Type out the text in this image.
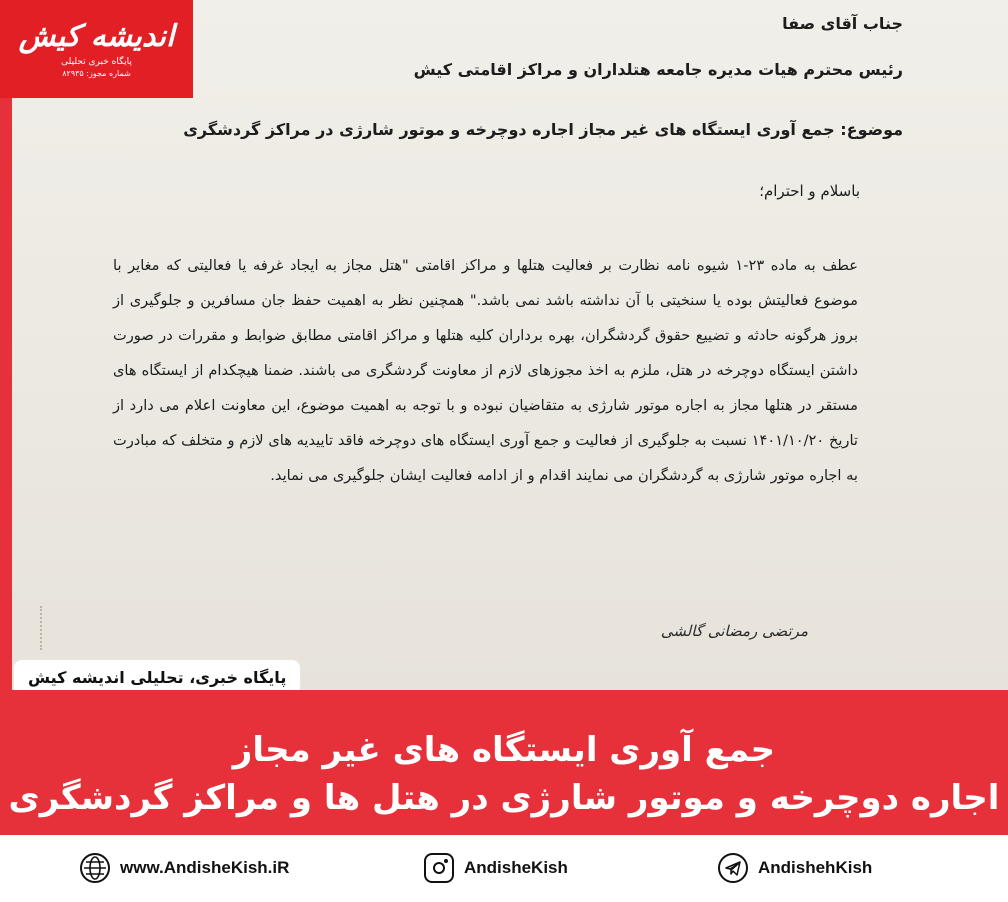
جناب آقای صفا
رئیس محترم هیات مدیره جامعه هتلداران و مراکز اقامتی کیش
موضوع: جمع آوری ایستگاه های غیر مجاز اجاره دوچرخه و موتور شارژی در مراکز گردشگری
باسلام و احترام؛
عطف به ماده ۲۳-۱ شیوه نامه نظارت بر فعالیت هتلها و مراکز اقامتی "هتل مجاز به ایجاد غرفه یا فعالیتی که مغایر با موضوع فعالیتش بوده یا سنخیتی با آن نداشته باشد نمی باشد." همچنین نظر به اهمیت حفظ جان مسافرین و جلوگیری از بروز هرگونه حادثه و تضییع حقوق گردشگران، بهره برداران کلیه هتلها و مراکز اقامتی مطابق ضوابط و مقررات در صورت داشتن ایستگاه دوچرخه در هتل، ملزم به اخذ مجوزهای لازم از معاونت گردشگری می باشند. ضمنا هیچکدام از ایستگاه های مستقر در هتلها مجاز به اجاره موتور شارژی به متقاضیان نبوده و با توجه به اهمیت موضوع، این معاونت اعلام می دارد از تاریخ ۱۴۰۱/۱۰/۲۰ نسبت به جلوگیری از فعالیت و جمع آوری ایستگاه های دوچرخه فاقد تاییدیه های لازم و متخلف که مبادرت به اجاره موتور شارژی به گردشگران می نمایند اقدام و از ادامه فعالیت ایشان جلوگیری می نماید.
مرتضی رمضانی گالشی
اندیشه کیش
پایگاه خبری تحلیلی
شماره مجوز: ۸۲۹۳۵
پایگاه خبری، تحلیلی اندیشه کیش
جمع آوری ایستگاه های غیر مجاز
اجاره دوچرخه و موتور شارژی در هتل ها و مراکز گردشگری
www.AndisheKish.iR	AndisheKish	AndishehKish
